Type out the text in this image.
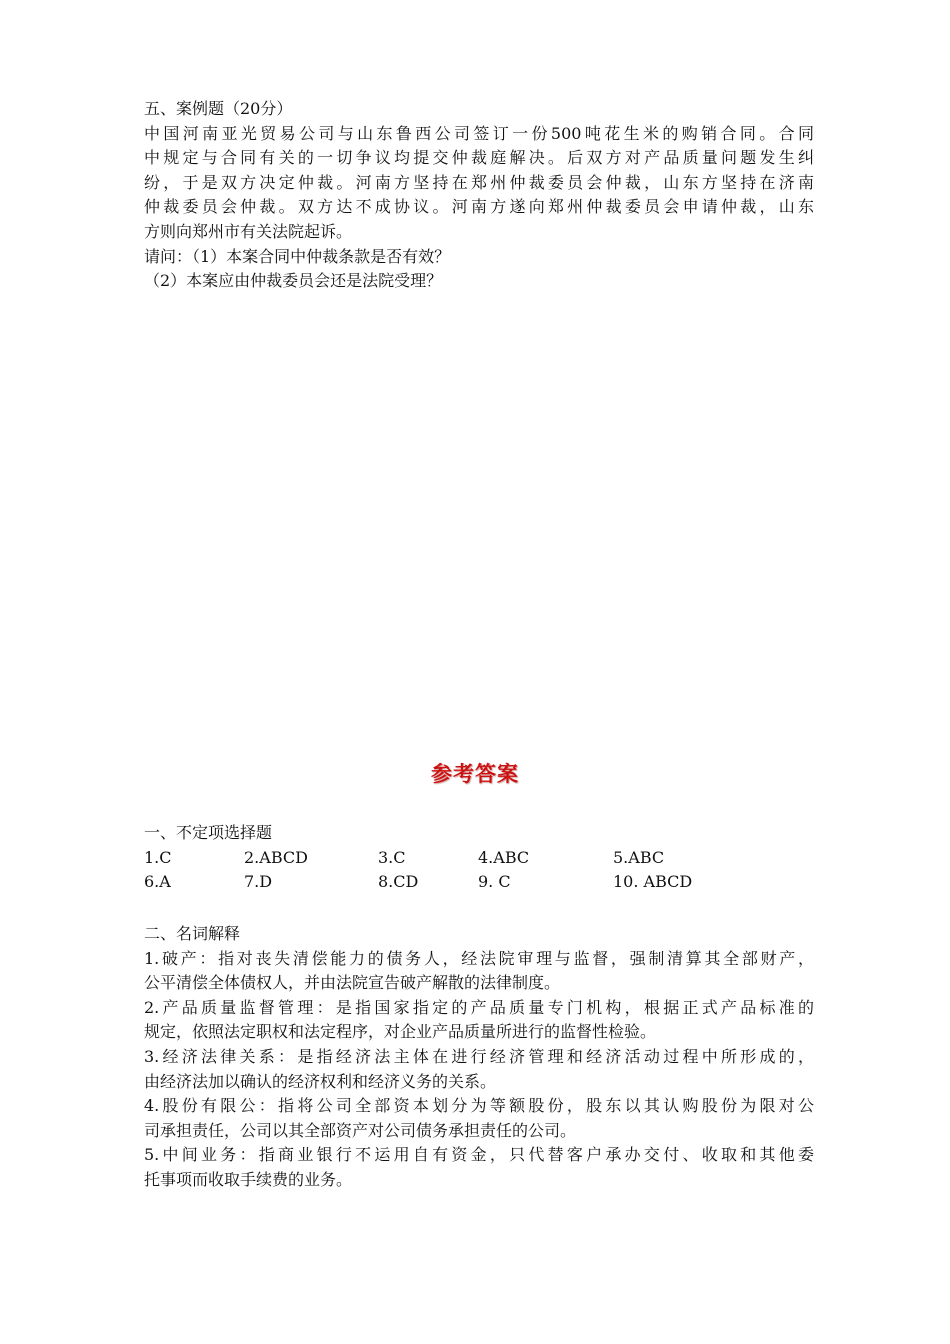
五、案例题（20分）
中国河南亚光贸易公司与山东鲁西公司签订一份500吨花生米的购销合同。合同
中规定与合同有关的一切争议均提交仲裁庭解决。后双方对产品质量问题发生纠
纷，于是双方决定仲裁。河南方坚持在郑州仲裁委员会仲裁，山东方坚持在济南
仲裁委员会仲裁。双方达不成协议。河南方遂向郑州仲裁委员会申请仲裁，山东
方则向郑州市有关法院起诉。
请问：（1）本案合同中仲裁条款是否有效？
（2）本案应由仲裁委员会还是法院受理？
参考答案
一、不定项选择题
1.C	2.ABCD	3.C	4.ABC	5.ABC
6.A	7.D	8.CD	9. C	10. ABCD
二、名词解释
1.破产：指对丧失清偿能力的债务人，经法院审理与监督，强制清算其全部财产，
公平清偿全体债权人，并由法院宣告破产解散的法律制度。
2.产品质量监督管理：是指国家指定的产品质量专门机构，根据正式产品标准的
规定，依照法定职权和法定程序，对企业产品质量所进行的监督性检验。
3.经济法律关系：是指经济法主体在进行经济管理和经济活动过程中所形成的，
由经济法加以确认的经济权利和经济义务的关系。
4.股份有限公：指将公司全部资本划分为等额股份，股东以其认购股份为限对公
司承担责任，公司以其全部资产对公司债务承担责任的公司。
5.中间业务：指商业银行不运用自有资金，只代替客户承办交付、收取和其他委
托事项而收取手续费的业务。
